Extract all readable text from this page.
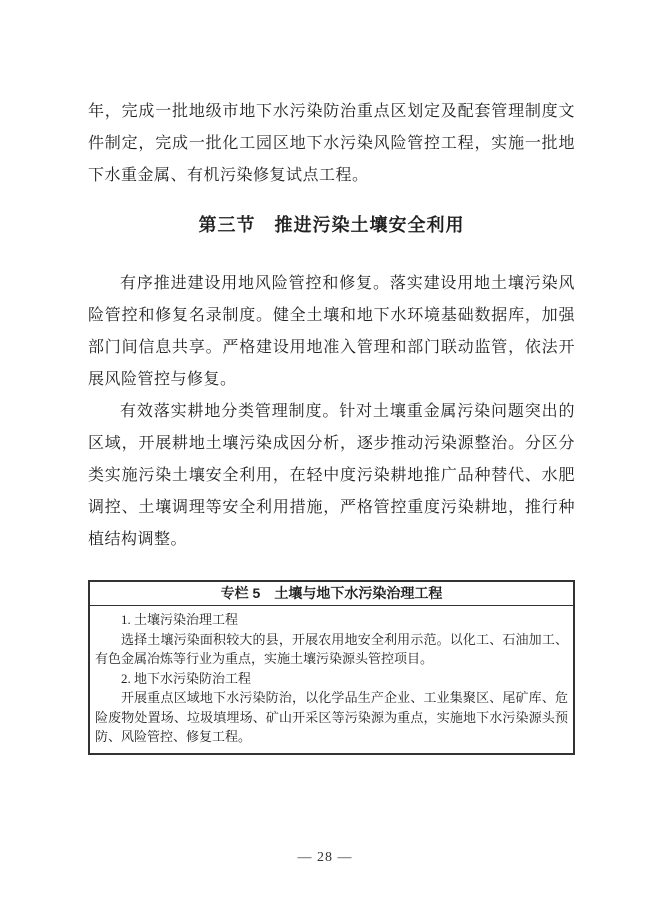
年，完成一批地级市地下水污染防治重点区划定及配套管理制度文件制定，完成一批化工园区地下水污染风险管控工程，实施一批地下水重金属、有机污染修复试点工程。

第三节　推进污染土壤安全利用

有序推进建设用地风险管控和修复。落实建设用地土壤污染风险管控和修复名录制度。健全土壤和地下水环境基础数据库，加强部门间信息共享。严格建设用地准入管理和部门联动监管，依法开展风险管控与修复。

有效落实耕地分类管理制度。针对土壤重金属污染问题突出的区域，开展耕地土壤污染成因分析，逐步推动污染源整治。分区分类实施污染土壤安全利用，在轻中度污染耕地推广品种替代、水肥调控、土壤调理等安全利用措施，严格管控重度污染耕地，推行种植结构调整。

专栏 5　土壤与地下水污染治理工程

1. 土壤污染治理工程

选择土壤污染面积较大的县，开展农用地安全利用示范。以化工、石油加工、有色金属冶炼等行业为重点，实施土壤污染源头管控项目。

2. 地下水污染防治工程

开展重点区域地下水污染防治，以化学品生产企业、工业集聚区、尾矿库、危险废物处置场、垃圾填埋场、矿山开采区等污染源为重点，实施地下水污染源头预防、风险管控、修复工程。

— 28 —
